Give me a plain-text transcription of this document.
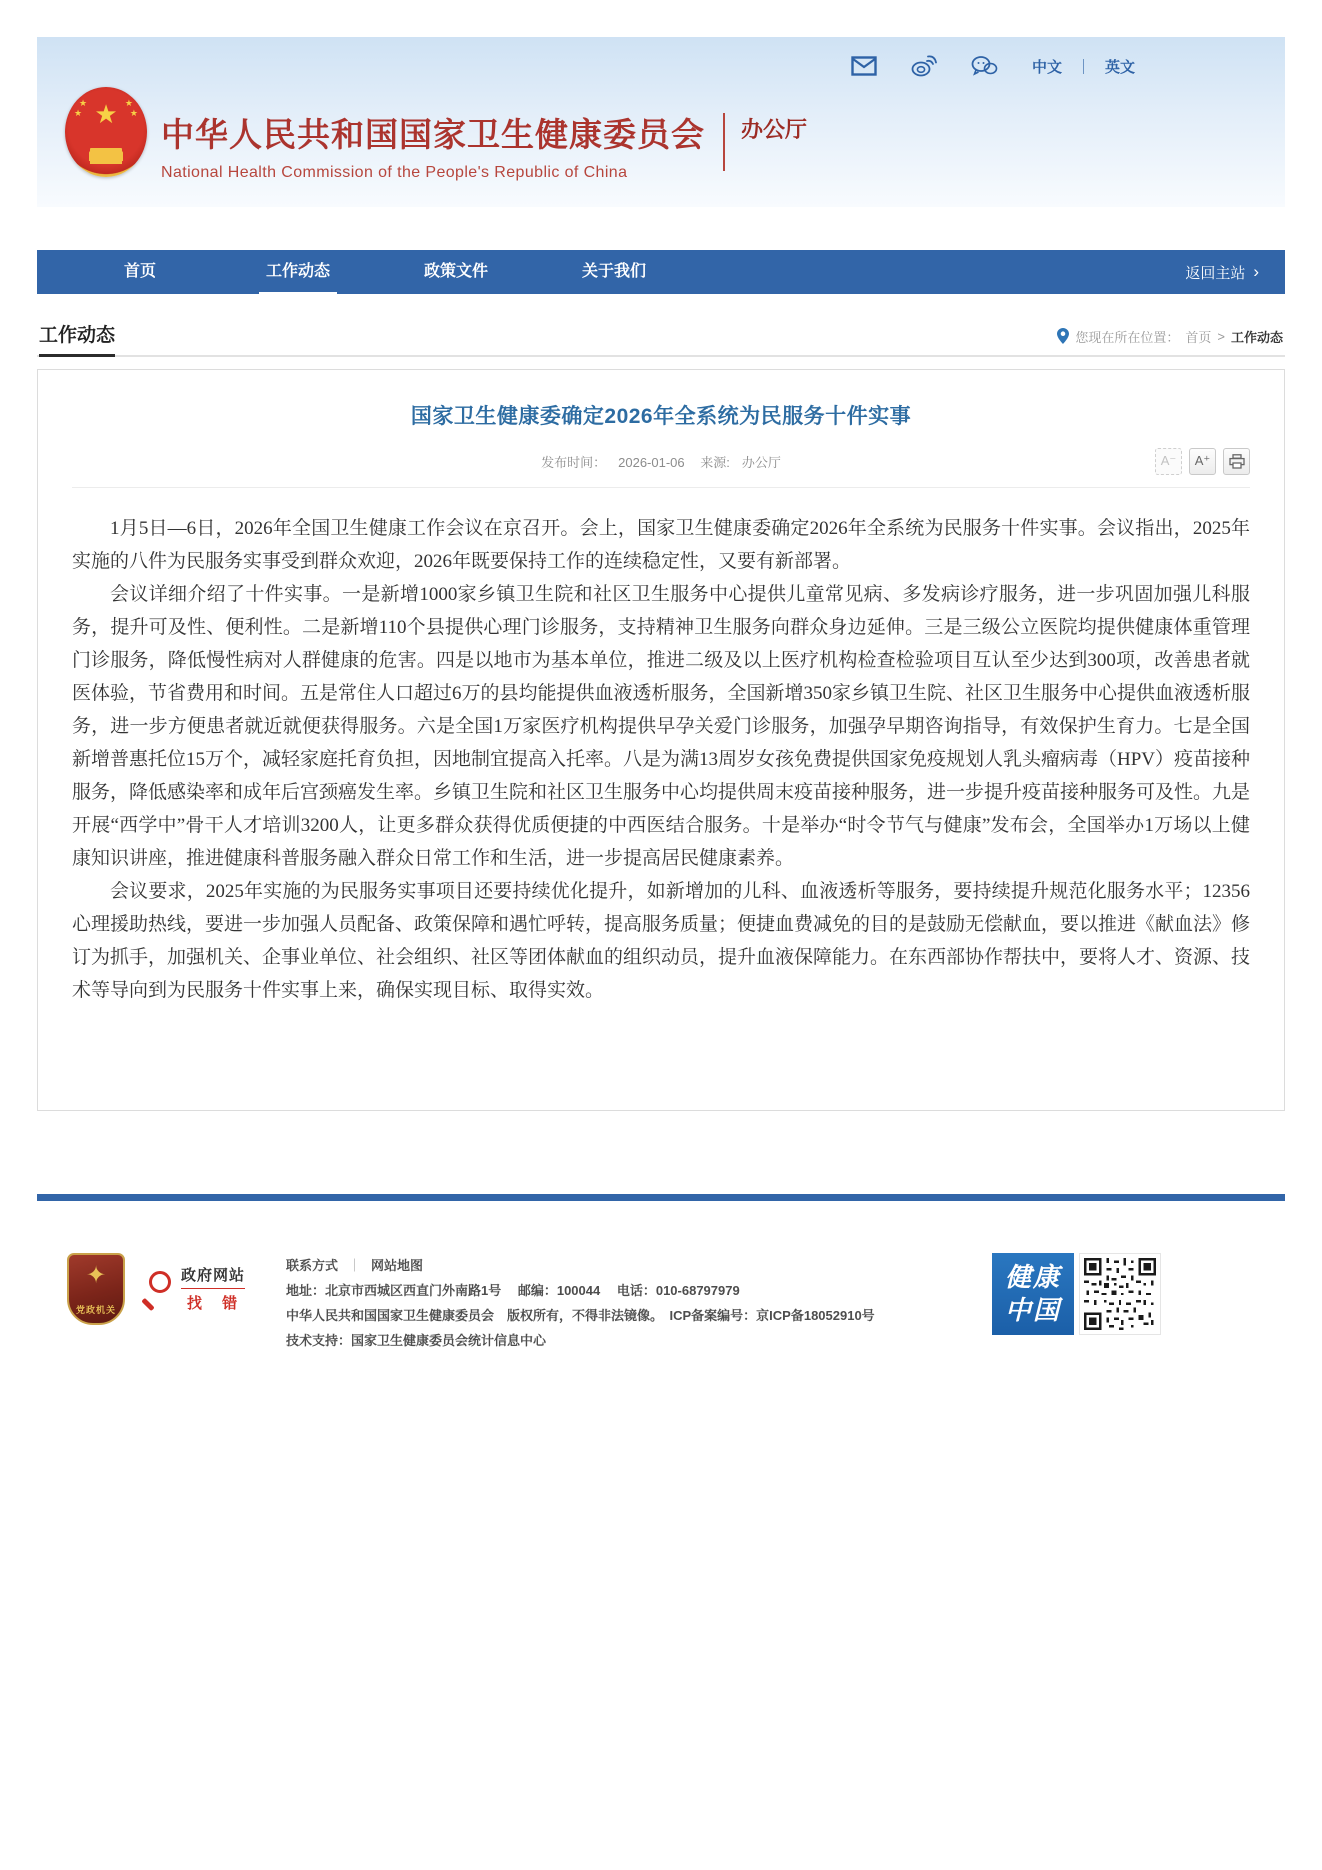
中文 ｜ 英文
★
★
★
★
★
中华人民共和国国家卫生健康委员会
National Health Commission of the People's Republic of China
办公厅
首页	工作动态	政策文件	关于我们	返回主站 ›
工作动态	您现在所在位置： 首页 > 工作动态
国家卫生健康委确定2026年全系统为民服务十件实事
发布时间： 2026-01-06 来源: 办公厅	A⁻	A⁺

1月5日—6日，2026年全国卫生健康工作会议在京召开。会上，国家卫生健康委确定2026年全系统为民服务十件实事。会议指出，2025年实施的八件为民服务实事受到群众欢迎，2026年既要保持工作的连续稳定性，又要有新部署。

会议详细介绍了十件实事。一是新增1000家乡镇卫生院和社区卫生服务中心提供儿童常见病、多发病诊疗服务，进一步巩固加强儿科服务，提升可及性、便利性。二是新增110个县提供心理门诊服务，支持精神卫生服务向群众身边延伸。三是三级公立医院均提供健康体重管理门诊服务，降低慢性病对人群健康的危害。四是以地市为基本单位，推进二级及以上医疗机构检查检验项目互认至少达到300项，改善患者就医体验，节省费用和时间。五是常住人口超过6万的县均能提供血液透析服务，全国新增350家乡镇卫生院、社区卫生服务中心提供血液透析服务，进一步方便患者就近就便获得服务。六是全国1万家医疗机构提供早孕关爱门诊服务，加强孕早期咨询指导，有效保护生育力。七是全国新增普惠托位15万个，减轻家庭托育负担，因地制宜提高入托率。八是为满13周岁女孩免费提供国家免疫规划人乳头瘤病毒（HPV）疫苗接种服务，降低感染率和成年后宫颈癌发生率。乡镇卫生院和社区卫生服务中心均提供周末疫苗接种服务，进一步提升疫苗接种服务可及性。九是开展“西学中”骨干人才培训3200人，让更多群众获得优质便捷的中西医结合服务。十是举办“时令节气与健康”发布会，全国举办1万场以上健康知识讲座，推进健康科普服务融入群众日常工作和生活，进一步提高居民健康素养。

会议要求，2025年实施的为民服务实事项目还要持续优化提升，如新增加的儿科、血液透析等服务，要持续提升规范化服务水平；12356心理援助热线，要进一步加强人员配备、政策保障和遇忙呼转，提高服务质量；便捷血费减免的目的是鼓励无偿献血，要以推进《献血法》修订为抓手，加强机关、企事业单位、社会组织、社区等团体献血的组织动员，提升血液保障能力。在东西部协作帮扶中，要将人才、资源、技术等导向到为民服务十件实事上来，确保实现目标、取得实效。

✦
党政机关
政府网站
找 错
联系方式 ｜ 网站地图
地址：北京市西城区西直门外南路1号　 邮编：100044　 电话：010-68797979
中华人民共和国国家卫生健康委员会　版权所有，不得非法镜像。　ICP备案编号：京ICP备18052910号
技术支持：国家卫生健康委员会统计信息中心
健康
中国
